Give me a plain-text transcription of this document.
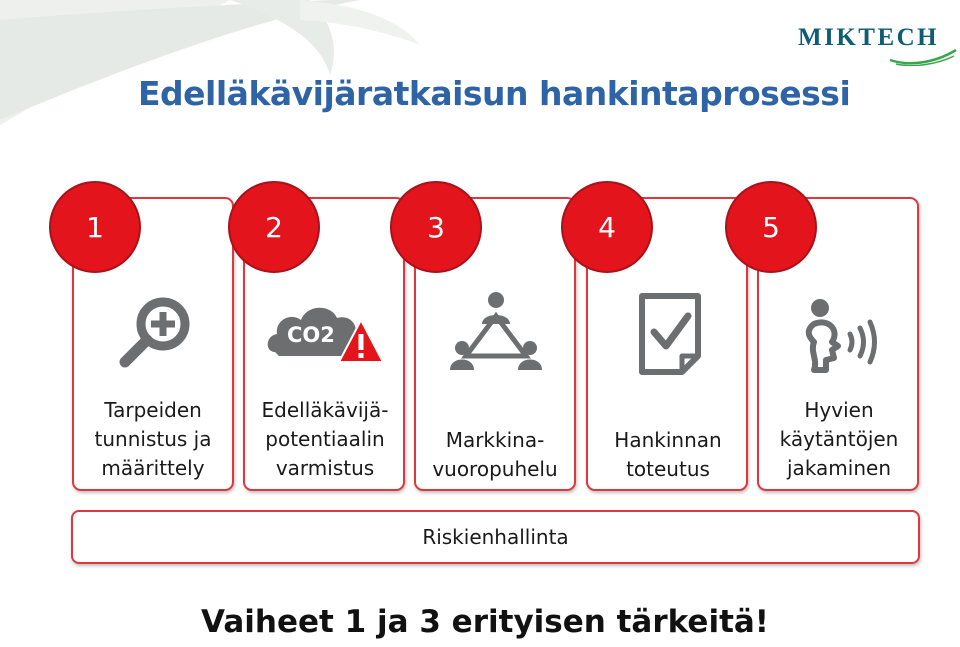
MIKTECH
Edelläkävijäratkaisun hankintaprosessi
1

Tarpeiden
tunnistus ja
määrittely

2
CO2

Edelläkävijä-
potentiaalin
varmistus

3

Markkina-
vuoropuhelu

4

Hankinnan
toteutus

5

Hyvien
käytäntöjen
jakaminen

Riskienhallinta

Vaiheet 1 ja 3 erityisen tärkeitä!
